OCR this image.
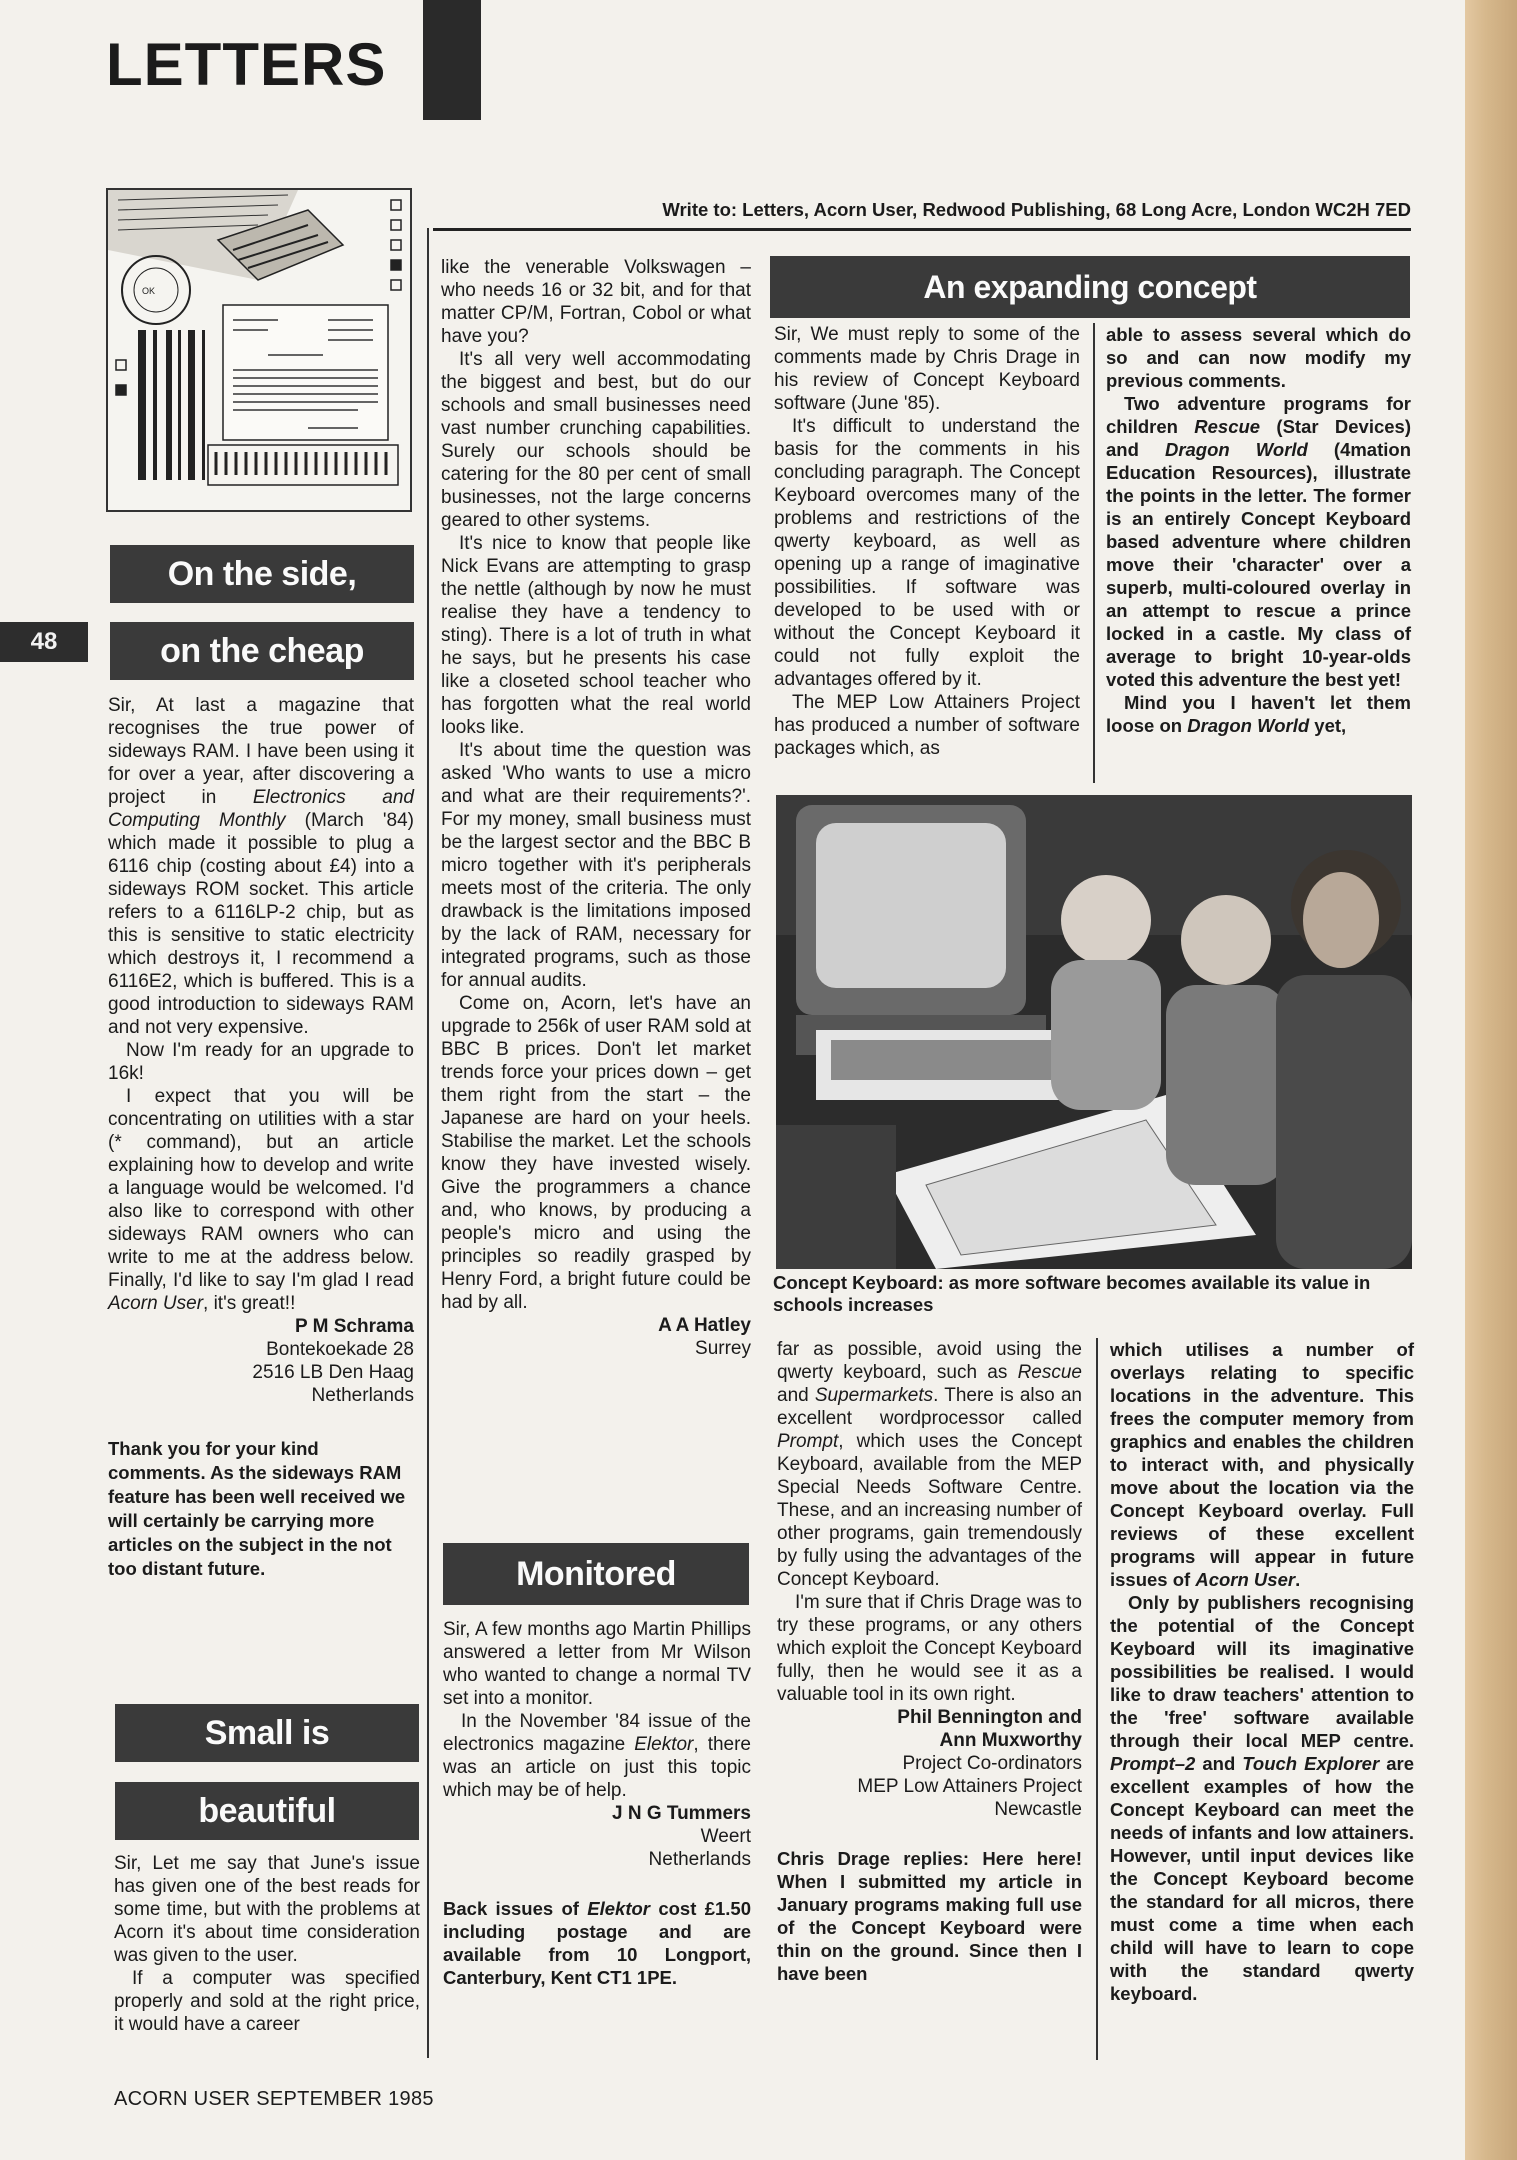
LETTERS
48
OK
Write to: Letters, Acorn User, Redwood Publishing, 68 Long Acre, London WC2H 7ED
On the side,
on the cheap

Sir, At last a magazine that recognises the true power of sideways RAM. I have been using it for over a year, after discovering a project in Electronics and Computing Monthly (March '84) which made it possible to plug a 6116 chip (costing about £4) into a sideways ROM socket. This article refers to a 6116LP-2 chip, but as this is sensitive to static electricity which destroys it, I recommend a 6116E2, which is buffered. This is a good introduction to sideways RAM and not very expensive.

Now I'm ready for an upgrade to 16k!

I expect that you will be concentrating on utilities with a star (* command), but an article explaining how to develop and write a language would be welcomed. I'd also like to correspond with other sideways RAM owners who can write to me at the address below. Finally, I'd like to say I'm glad I read Acorn User, it's great!!

P M Schrama

Bontekoekade 28

2516 LB Den Haag

Netherlands

Thank you for your kind comments. As the sideways RAM feature has been well received we will certainly be carrying more articles on the subject in the not too distant future.

Small is
beautiful

Sir, Let me say that June's issue has given one of the best reads for some time, but with the problems at Acorn it's about time consideration was given to the user.

If a computer was specified properly and sold at the right price, it would have a career

like the venerable Volkswagen – who needs 16 or 32 bit, and for that matter CP/M, Fortran, Cobol or what have you?

It's all very well accommodating the biggest and best, but do our schools and small businesses need vast number crunching capabilities. Surely our schools should be catering for the 80 per cent of small businesses, not the large concerns geared to other systems.

It's nice to know that people like Nick Evans are attempting to grasp the nettle (although by now he must realise they have a tendency to sting). There is a lot of truth in what he says, but he presents his case like a closeted school teacher who has forgotten what the real world looks like.

It's about time the question was asked 'Who wants to use a micro and what are their requirements?'. For my money, small business must be the largest sector and the BBC B micro together with it's peripherals meets most of the criteria. The only drawback is the limitations imposed by the lack of RAM, necessary for integrated programs, such as those for annual audits.

Come on, Acorn, let's have an upgrade to 256k of user RAM sold at BBC B prices. Don't let market trends force your prices down – get them right from the start – the Japanese are hard on your heels. Stabilise the market. Let the schools know they have invested wisely. Give the programmers a chance and, who knows, by producing a people's micro and using the principles so readily grasped by Henry Ford, a bright future could be had by all.

A A Hatley

Surrey

Monitored

Sir, A few months ago Martin Phillips answered a letter from Mr Wilson who wanted to change a normal TV set into a monitor.

In the November '84 issue of the electronics magazine Elektor, there was an article on just this topic which may be of help.

J N G Tummers

Weert

Netherlands

Back issues of Elektor cost £1.50 including postage and are available from 10 Longport, Canterbury, Kent CT1 1PE.

An expanding concept

Sir, We must reply to some of the comments made by Chris Drage in his review of Concept Keyboard software (June '85).

It's difficult to understand the basis for the comments in his concluding paragraph. The Concept Keyboard overcomes many of the problems and restrictions of the qwerty keyboard, as well as opening up a range of imaginative possibilities. If software was developed to be used with or without the Concept Keyboard it could not fully exploit the advantages offered by it.

The MEP Low Attainers Project has produced a number of software packages which, as

able to assess several which do so and can now modify my previous comments.

Two adventure programs for children Rescue (Star Devices) and Dragon World (4mation Education Resources), illustrate the points in the letter. The former is an entirely Concept Keyboard based adventure where children move their 'character' over a superb, multi-coloured overlay in an attempt to rescue a prince locked in a castle. My class of average to bright 10-year-olds voted this adventure the best yet!

Mind you I haven't let them loose on Dragon World yet,

Concept Keyboard: as more software becomes available its value in schools increases

far as possible, avoid using the qwerty keyboard, such as Rescue and Supermarkets. There is also an excellent wordprocessor called Prompt, which uses the Concept Keyboard, available from the MEP Special Needs Software Centre. These, and an increasing number of other programs, gain tremendously by fully using the advantages of the Concept Keyboard.

I'm sure that if Chris Drage was to try these programs, or any others which exploit the Concept Keyboard fully, then he would see it as a valuable tool in its own right.

Phil Bennington and

Ann Muxworthy

Project Co-ordinators

MEP Low Attainers Project

Newcastle

Chris Drage replies: Here here! When I submitted my article in January programs making full use of the Concept Keyboard were thin on the ground. Since then I have been

which utilises a number of overlays relating to specific locations in the adventure. This frees the computer memory from graphics and enables the children to interact with, and physically move about the location via the Concept Keyboard overlay. Full reviews of these excellent programs will appear in future issues of Acorn User.

Only by publishers recognising the potential of the Concept Keyboard will its imaginative possibilities be realised. I would like to draw teachers' attention to the 'free' software available through their local MEP centre. Prompt–2 and Touch Explorer are excellent examples of how the Concept Keyboard can meet the needs of infants and low attainers. However, until input devices like the Concept Keyboard become the standard for all micros, there must come a time when each child will have to learn to cope with the standard qwerty keyboard.

ACORN USER SEPTEMBER 1985
